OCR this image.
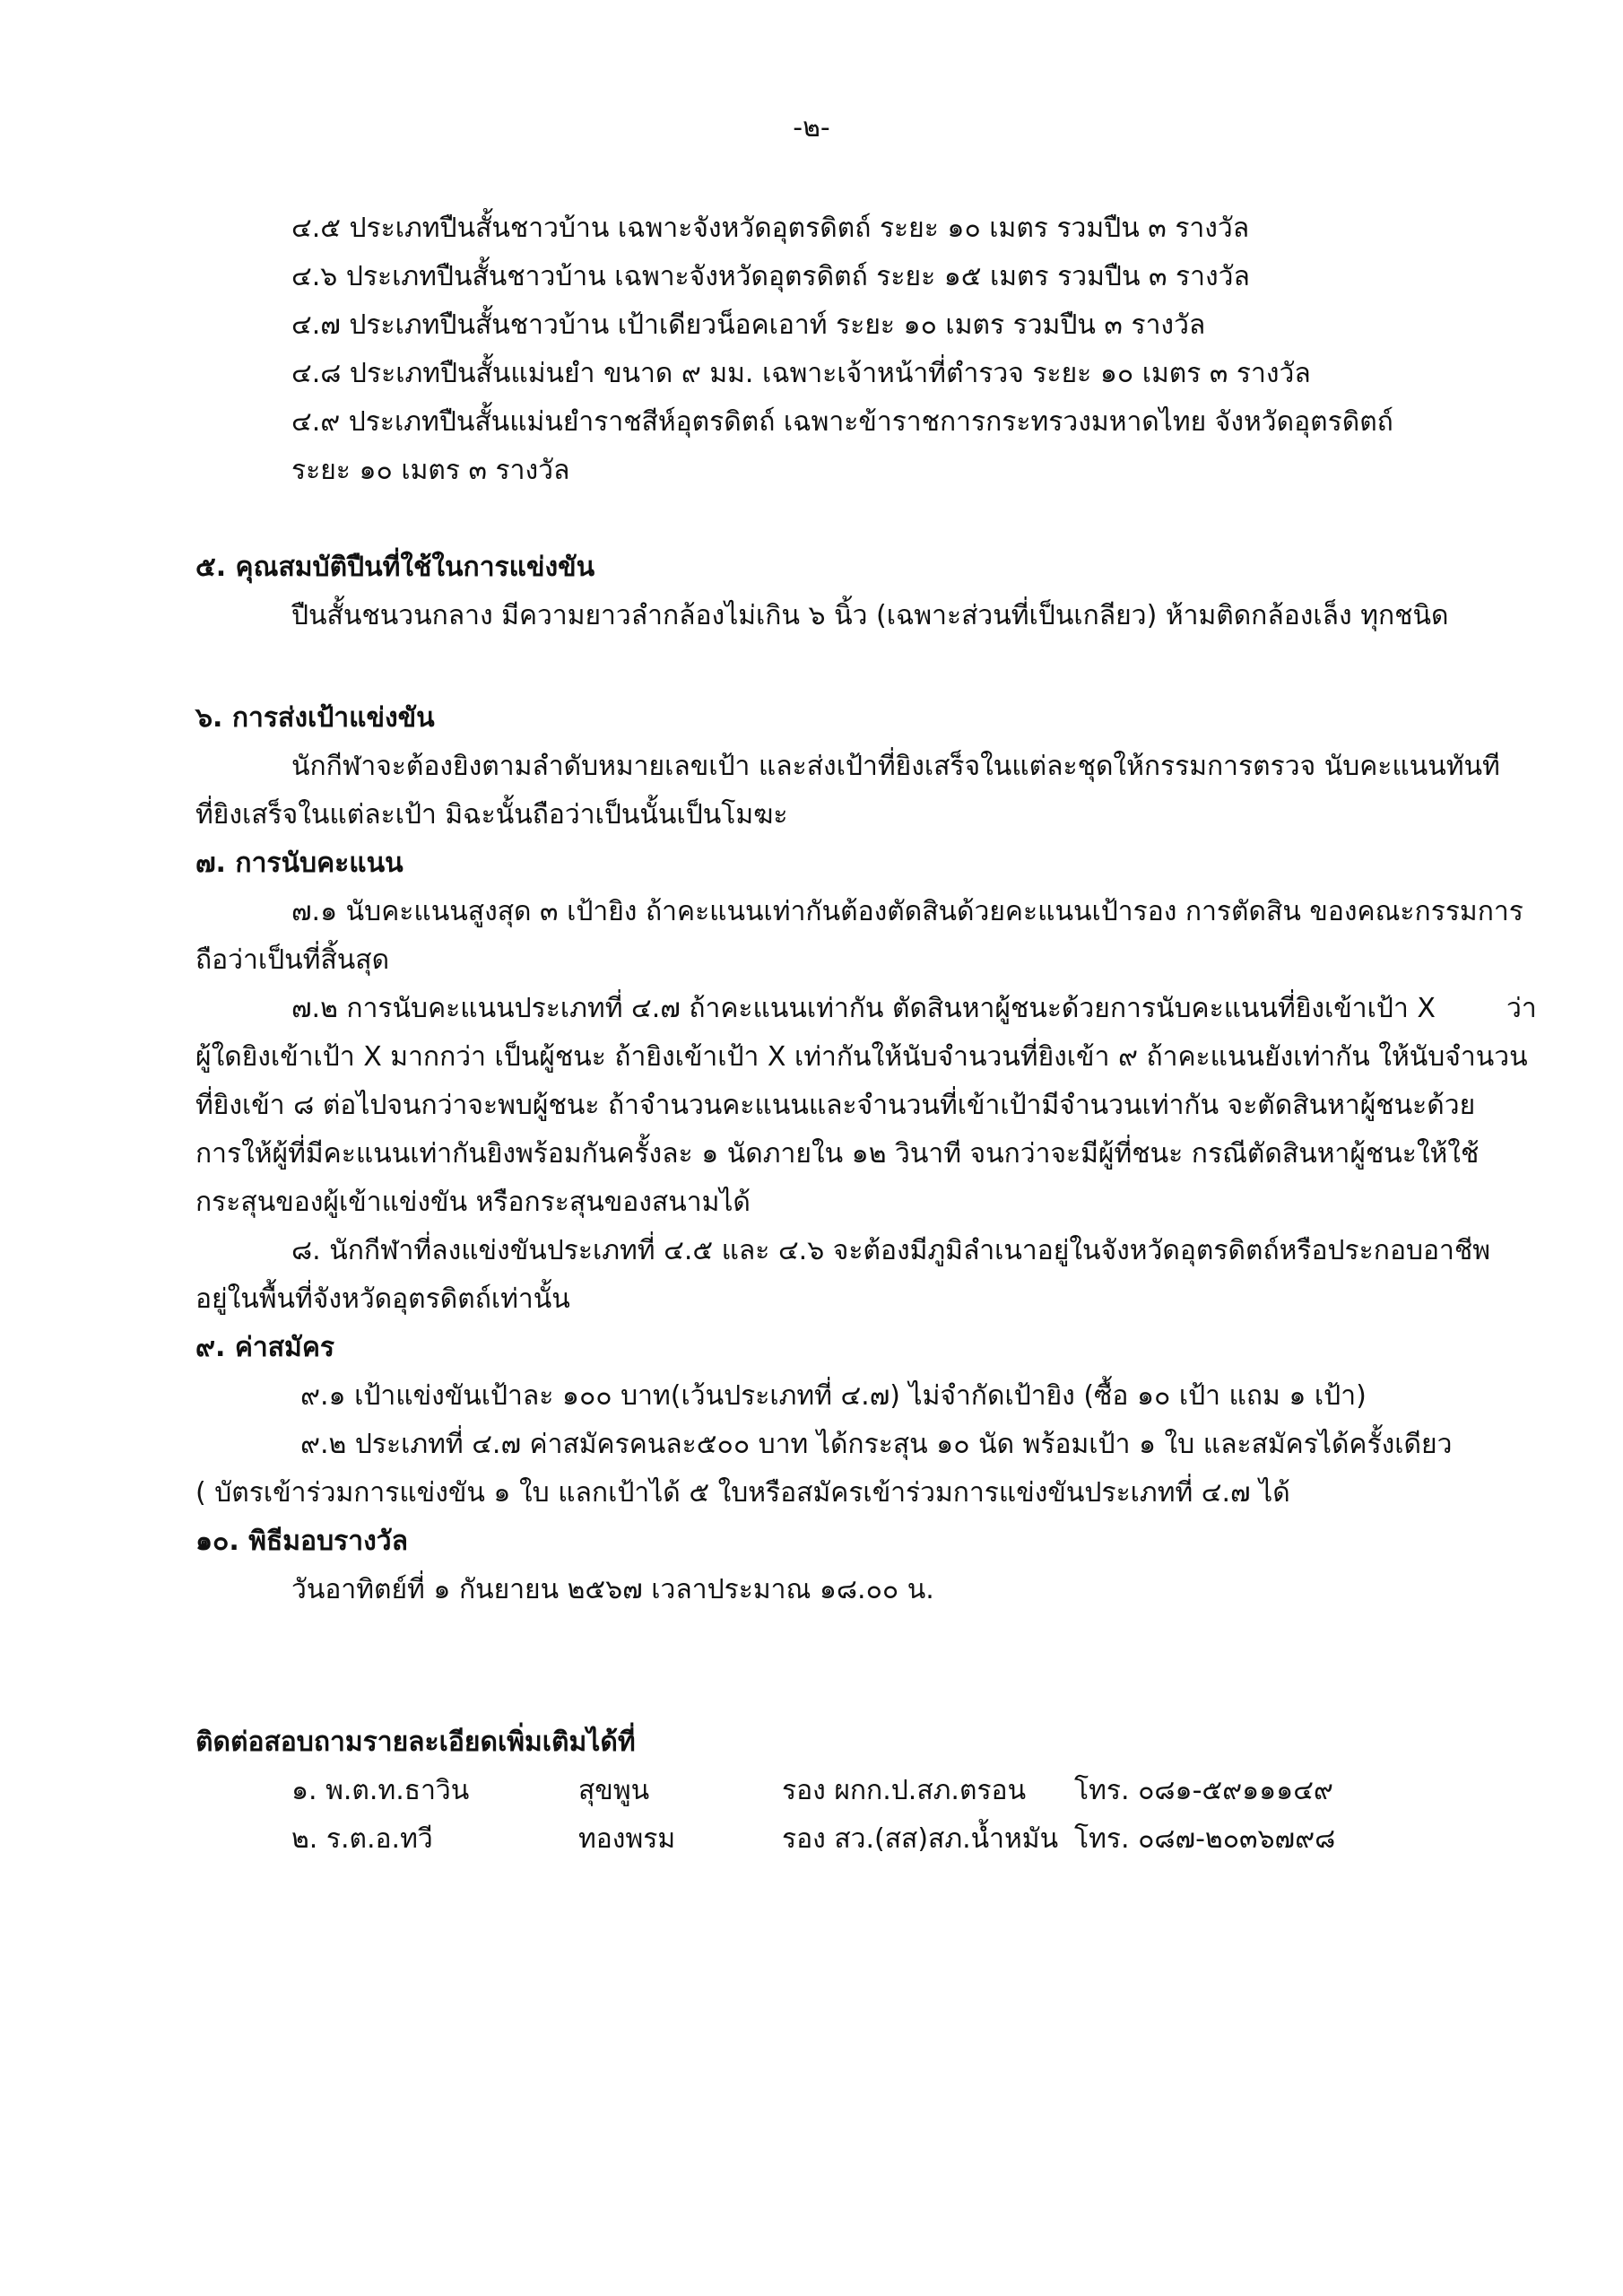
-๒-
๔.๕ ประเภทปืนสั้นชาวบ้าน เฉพาะจังหวัดอุตรดิตถ์ ระยะ ๑๐ เมตร รวมปืน ๓ รางวัล
๔.๖ ประเภทปืนสั้นชาวบ้าน เฉพาะจังหวัดอุตรดิตถ์ ระยะ ๑๕ เมตร รวมปืน ๓ รางวัล
๔.๗ ประเภทปืนสั้นชาวบ้าน เป้าเดียวน็อคเอาท์ ระยะ ๑๐ เมตร รวมปืน ๓ รางวัล
๔.๘ ประเภทปืนสั้นแม่นยำ ขนาด ๙ มม. เฉพาะเจ้าหน้าที่ตำรวจ ระยะ ๑๐ เมตร ๓ รางวัล
๔.๙ ประเภทปืนสั้นแม่นยำราชสีห์อุตรดิตถ์ เฉพาะข้าราชการกระทรวงมหาดไทย จังหวัดอุตรดิตถ์
ระยะ ๑๐ เมตร ๓ รางวัล
๕. คุณสมบัติปืนที่ใช้ในการแข่งขัน
ปืนสั้นชนวนกลาง มีความยาวลำกล้องไม่เกิน ๖ นิ้ว (เฉพาะส่วนที่เป็นเกลียว) ห้ามติดกล้องเล็ง ทุกชนิด
๖. การส่งเป้าแข่งขัน
นักกีฬาจะต้องยิงตามลำดับหมายเลขเป้า และส่งเป้าที่ยิงเสร็จในแต่ละชุดให้กรรมการตรวจ นับคะแนนทันที
ที่ยิงเสร็จในแต่ละเป้า มิฉะนั้นถือว่าเป็นนั้นเป็นโมฆะ
๗. การนับคะแนน
๗.๑ นับคะแนนสูงสุด ๓ เป้ายิง ถ้าคะแนนเท่ากันต้องตัดสินด้วยคะแนนเป้ารอง การตัดสิน ของคณะกรรมการ
ถือว่าเป็นที่สิ้นสุด
๗.๒ การนับคะแนนประเภทที่ ๔.๗ ถ้าคะแนนเท่ากัน ตัดสินหาผู้ชนะด้วยการนับคะแนนที่ยิงเข้าเป้า X	ว่า
ผู้ใดยิงเข้าเป้า X มากกว่า เป็นผู้ชนะ ถ้ายิงเข้าเป้า X เท่ากันให้นับจำนวนที่ยิงเข้า ๙ ถ้าคะแนนยังเท่ากัน ให้นับจำนวน
ที่ยิงเข้า ๘ ต่อไปจนกว่าจะพบผู้ชนะ ถ้าจำนวนคะแนนและจำนวนที่เข้าเป้ามีจำนวนเท่ากัน จะตัดสินหาผู้ชนะด้วย
การให้ผู้ที่มีคะแนนเท่ากันยิงพร้อมกันครั้งละ ๑ นัดภายใน ๑๒ วินาที จนกว่าจะมีผู้ที่ชนะ กรณีตัดสินหาผู้ชนะให้ใช้
กระสุนของผู้เข้าแข่งขัน หรือกระสุนของสนามได้
๘. นักกีฬาที่ลงแข่งขันประเภทที่ ๔.๕ และ ๔.๖ จะต้องมีภูมิลำเนาอยู่ในจังหวัดอุตรดิตถ์หรือประกอบอาชีพ
อยู่ในพื้นที่จังหวัดอุตรดิตถ์เท่านั้น
๙. ค่าสมัคร
๙.๑ เป้าแข่งขันเป้าละ ๑๐๐ บาท(เว้นประเภทที่ ๔.๗) ไม่จำกัดเป้ายิง (ซื้อ ๑๐ เป้า แถม ๑ เป้า)
๙.๒ ประเภทที่ ๔.๗ ค่าสมัครคนละ๕๐๐ บาท ได้กระสุน ๑๐ นัด พร้อมเป้า ๑ ใบ และสมัครได้ครั้งเดียว
( บัตรเข้าร่วมการแข่งขัน ๑ ใบ แลกเป้าได้ ๕ ใบหรือสมัครเข้าร่วมการแข่งขันประเภทที่ ๔.๗ ได้
๑๐. พิธีมอบรางวัล
วันอาทิตย์ที่ ๑ กันยายน ๒๕๖๗ เวลาประมาณ ๑๘.๐๐ น.
ติดต่อสอบถามรายละเอียดเพิ่มเติมได้ที่
๑. พ.ต.ท.ธาวิน	สุขพูน	รอง ผกก.ป.สภ.ตรอน โทร. ๐๘๑-๕๙๑๑๑๔๙
๒. ร.ต.อ.ทวี	ทองพรม	รอง สว.(สส)สภ.น้ำหมัน โทร. ๐๘๗-๒๐๓๖๗๙๘
